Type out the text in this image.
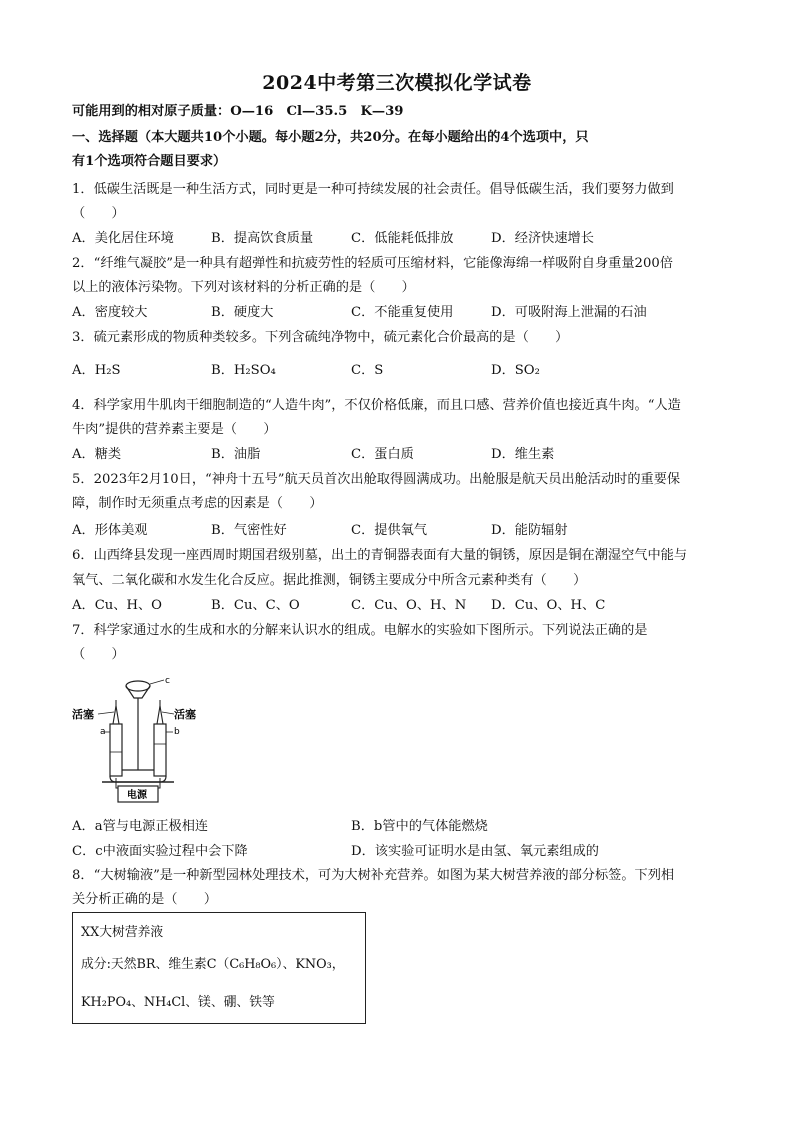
2024中考第三次模拟化学试卷
可能用到的相对原子质量：O—16　Cl—35.5　K—39
一、选择题（本大题共10个小题。每小题2分，共20分。在每小题给出的4个选项中，只
有1个选项符合题目要求）
1．低碳生活既是一种生活方式，同时更是一种可持续发展的社会责任。倡导低碳生活，我们要努力做到
（　　）
A．美化居住环境	B．提高饮食质量	C．低能耗低排放	D．经济快速增长
2．“纤维气凝胶”是一种具有超弹性和抗疲劳性的轻质可压缩材料，它能像海绵一样吸附自身重量200倍
以上的液体污染物。下列对该材料的分析正确的是（　　）
A．密度较大	B．硬度大	C．不能重复使用	D．可吸附海上泄漏的石油
3．硫元素形成的物质种类较多。下列含硫纯净物中，硫元素化合价最高的是（　　）
A．H₂S	B．H₂SO₄	C．S	D．SO₂
4．科学家用牛肌肉干细胞制造的“人造牛肉”，不仅价格低廉，而且口感、营养价值也接近真牛肉。“人造
牛肉”提供的营养素主要是（　　）
A．糖类	B．油脂	C．蛋白质	D．维生素
5．2023年2月10日，“神舟十五号”航天员首次出舱取得圆满成功。出舱服是航天员出舱活动时的重要保
障，制作时无须重点考虑的因素是（　　）
A．形体美观	B．气密性好	C．提供氧气	D．能防辐射
6．山西绛县发现一座西周时期国君级别墓，出土的青铜器表面有大量的铜锈，原因是铜在潮湿空气中能与
氧气、二氧化碳和水发生化合反应。据此推测，铜锈主要成分中所含元素种类有（　　）
A．Cu、H、O	B．Cu、C、O	C．Cu、O、H、N D．Cu、O、H、C
7．科学家通过水的生成和水的分解来认识水的组成。电解水的实验如下图所示。下列说法正确的是
（　　）
c
电源
活塞	活塞
a	b
A．a管与电源正极相连	B．b管中的气体能燃烧
C．c中液面实验过程中会下降	D．该实验可证明水是由氢、氧元素组成的
8．“大树输液”是一种新型园林处理技术，可为大树补充营养。如图为某大树营养液的部分标签。下列相
关分析正确的是（　　）
XX大树营养液
成分:天然BR、维生素C（C₆H₈O₆）、KNO₃，
KH₂PO₄、NH₄Cl、镁、硼、铁等
